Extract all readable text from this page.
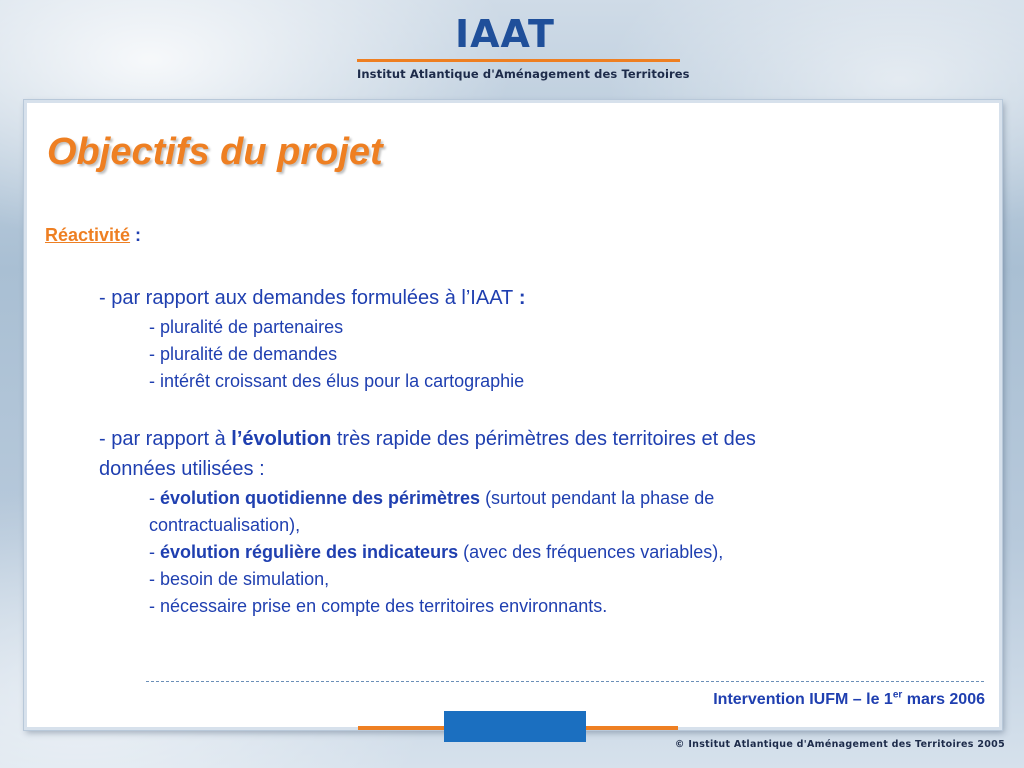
IAAT
Institut Atlantique d'Aménagement des Territoires
Objectifs du projet
Réactivité :
- par rapport aux demandes formulées à l’IAAT :
- pluralité de partenaires
- pluralité de demandes
- intérêt croissant des élus pour la cartographie
- par rapport à l’évolution très rapide des périmètres des territoires et des
données utilisées :
- évolution quotidienne des périmètres (surtout pendant la phase de
contractualisation),
- évolution régulière des indicateurs (avec des fréquences variables),
- besoin de simulation,
- nécessaire prise en compte des territoires environnants.
Intervention IUFM – le 1er mars 2006
© Institut Atlantique d'Aménagement des Territoires 2005
